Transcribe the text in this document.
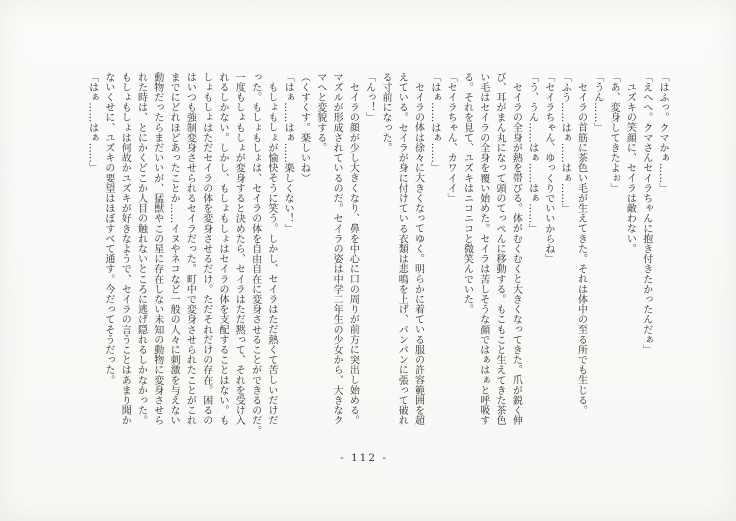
「はふっ。クマかぁ……」
「えへへ。クマさんセイラちゃんに抱き付きたかったんだぁ」
ユズキの笑顔に、セイラは敵わない。
「あ、変身してきたよぉ」
「うん……」
セイラの首筋に茶色い毛が生えてきた。それは体中の至る所でも生じる。
「ふう……はぁ……はぁ……」
「セイラちゃん、ゆっくりでいいからね」
「う、うん……はぁ……はぁ……」
セイラの全身が熱を帯びる。体がむくむくと大きくなってきた。爪が鋭く伸
び、耳がまん丸になって頭のてっぺんに移動する。もこもこと生えてきた茶色
い毛はセイラの全身を覆い始めた。セイラは苦しそうな顔ではぁはぁと呼吸す
る。それを見て、ユズキはニコニコと微笑んでいた。
「セイラちゃん、カワイイ」
「はぁ……はぁ……」
セイラの体は徐々に大きくなってゆく。明らかに着ている服の許容範囲を超
えている。セイラが身に付けている衣類は悲鳴を上げ、パンパンに張って破れ
る寸前になった。
「んっ！」
セイラの顔が少し大きくなり、鼻を中心に口の周りが前方に突出し始める。
マズルが形成されているのだ。セイラの姿は中学二年生の少女から、大きなク
マへと変貌する。
（くすくす。楽しいね）
「はぁ……はぁ……楽しくない！」
もしょもしょが愉快そうに笑う。しかし、セイラはただ熱くて苦しいだけだ
った。もしょもしょは、セイラの体を自由自在に変身させることができるのだ。
一度もしょもしょが変身すると決めたら、セイラはただ黙って、それを受け入
れるしかない。しかし、もしょもしょはセイラの体を支配することはない。も
しょもしょはただセイラの体を変身させるだけ。ただそれだけの存在。困るの
はいつも強制変身させられるセイラだった。町中で変身させられたことがこれ
までにどれほどあったことか……イヌやネコなど一般の人々に刺激を与えない
動物だったらまだいいが、猛獣やこの星に存在しない未知の動物に変身させら
れた時は、とにかくどこか人目の触れないところに逃げ隠れるしかなかった。
もしょもしょは何故かユズキが好きなようで、セイラの言うことはあまり聞か
ないくせに、ユズキの要望はほぼすべて通す。今だってそうだった。
「はぁ……はぁ……」
- 112 -
